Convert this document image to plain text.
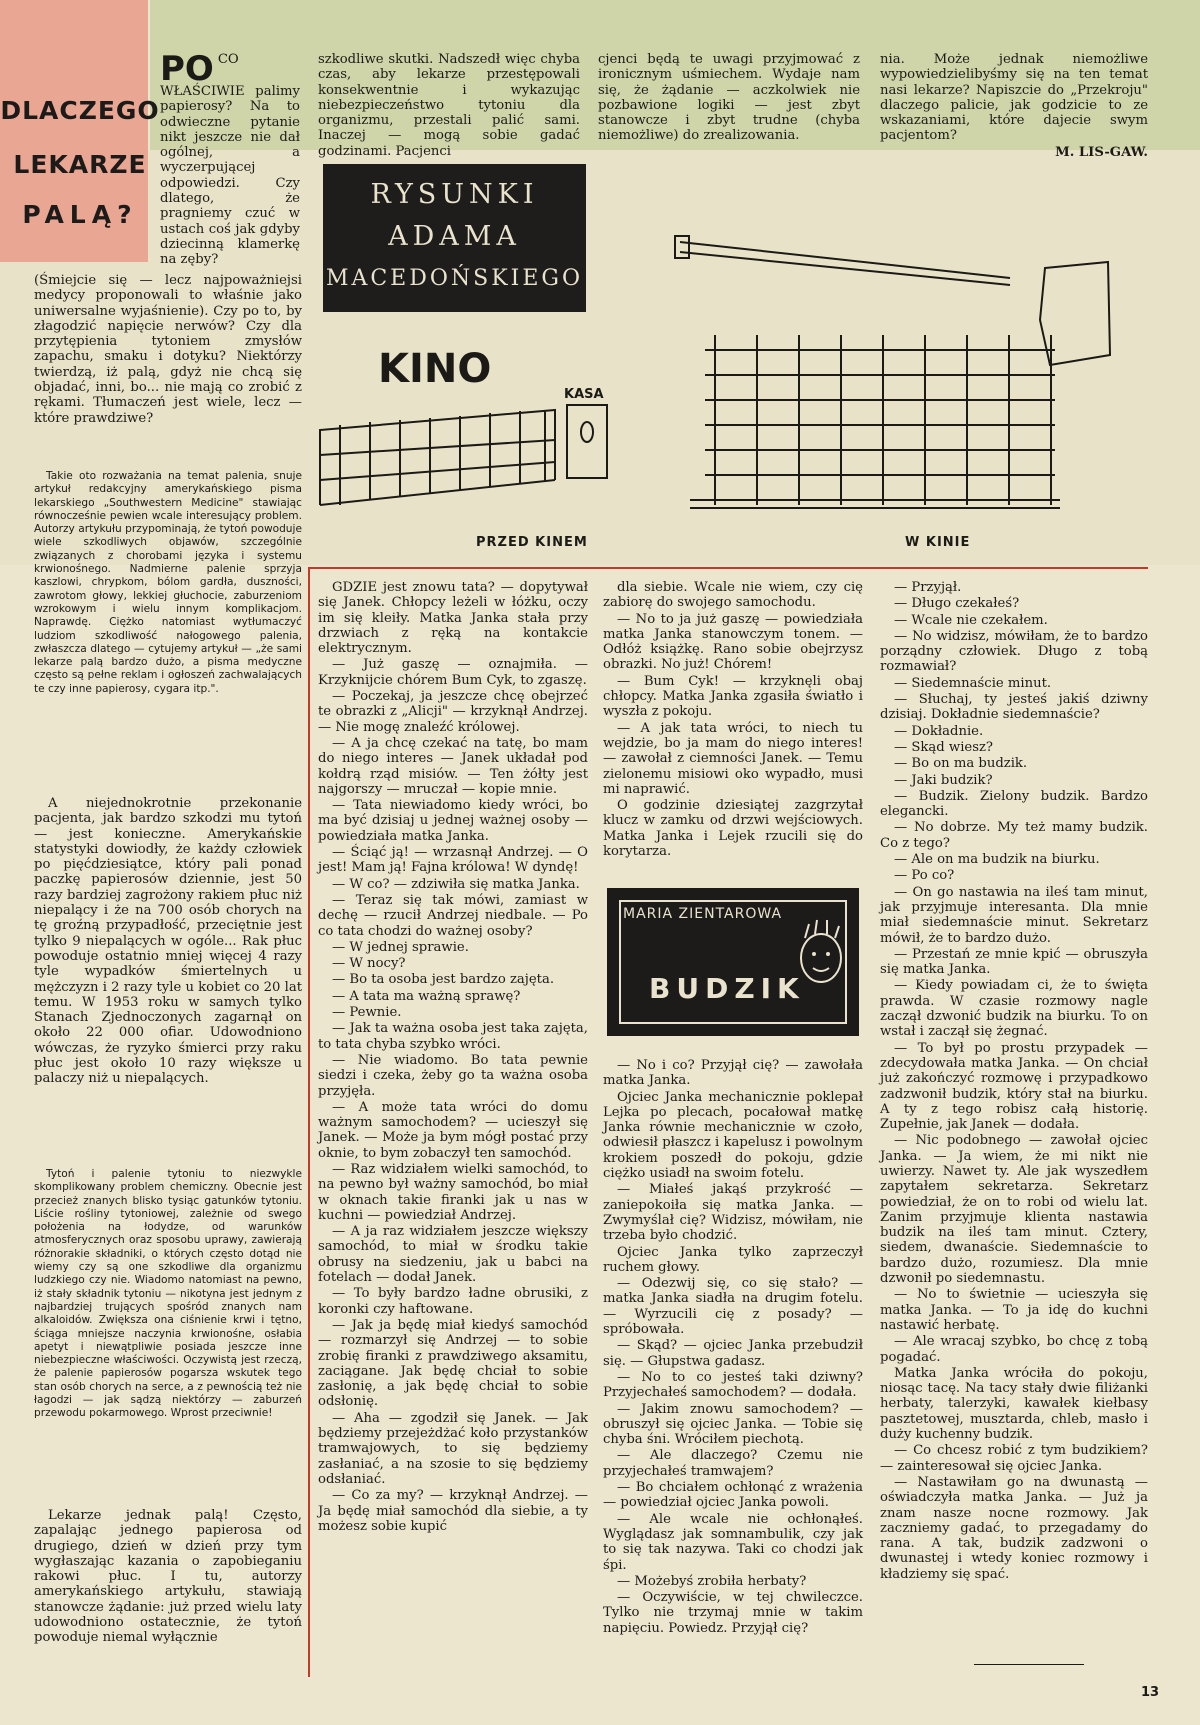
DLACZEGO
LEKARZE
PALĄ?
PO CO WŁAŚCIWIE palimy papierosy? Na to odwieczne pytanie nikt jeszcze nie dał ogólnej, a wyczerpującej odpowiedzi. Czy dlatego, że pragniemy czuć w ustach coś jak gdyby dziecinną klamerkę na zęby?

(Śmiejcie się — lecz najpoważniejsi medycy proponowali to właśnie jako uniwersalne wyjaśnienie). Czy po to, by złagodzić napięcie nerwów? Czy dla przytępienia tytoniem zmysłów zapachu, smaku i dotyku? Niektórzy twierdzą, iż palą, gdyż nie chcą się objadać, inni, bo... nie mają co zrobić z rękami. Tłumaczeń jest wiele, lecz — które prawdziwe?

Takie oto rozważania na temat palenia, snuje artykuł redakcyjny amerykańskiego pisma lekarskiego „Southwestern Medicine" stawiając równocześnie pewien wcale interesujący problem. Autorzy artykułu przypominają, że tytoń powoduje wiele szkodliwych objawów, szczególnie związanych z chorobami języka i systemu krwionośnego. Nadmierne palenie sprzyja kaszlowi, chrypkom, bólom gardła, duszności, zawrotom głowy, lekkiej głuchocie, zaburzeniom wzrokowym i wielu innym komplikacjom. Naprawdę. Ciężko natomiast wytłumaczyć ludziom szkodliwość nałogowego palenia, zwłaszcza dlatego — cytujemy artykuł — „że sami lekarze palą bardzo dużo, a pisma medyczne często są pełne reklam i ogłoszeń zachwalających te czy inne papierosy, cygara itp.".

A niejednokrotnie przekonanie pacjenta, jak bardzo szkodzi mu tytoń — jest konieczne. Amerykańskie statystyki dowiodły, że każdy człowiek po pięćdziesiątce, który pali ponad paczkę papierosów dziennie, jest 50 razy bardziej zagrożony rakiem płuc niż niepalący i że na 700 osób chorych na tę groźną przypadłość, przeciętnie jest tylko 9 niepalących w ogóle... Rak płuc powoduje ostatnio mniej więcej 4 razy tyle wypadków śmiertelnych u mężczyzn i 2 razy tyle u kobiet co 20 lat temu. W 1953 roku w samych tylko Stanach Zjednoczonych zagarnął on około 22 000 ofiar. Udowodniono wówczas, że ryzyko śmierci przy raku płuc jest około 10 razy większe u palaczy niż u niepalących.

Tytoń i palenie tytoniu to niezwykle skomplikowany problem chemiczny. Obecnie jest przecież znanych blisko tysiąc gatunków tytoniu. Liście rośliny tytoniowej, zależnie od swego położenia na łodydze, od warunków atmosferycznych oraz sposobu uprawy, zawierają różnorakie składniki, o których często dotąd nie wiemy czy są one szkodliwe dla organizmu ludzkiego czy nie. Wiadomo natomiast na pewno, iż stały składnik tytoniu — nikotyna jest jednym z najbardziej trujących spośród znanych nam alkaloidów. Zwiększa ona ciśnienie krwi i tętno, ściąga mniejsze naczynia krwionośne, osłabia apetyt i niewątpliwie posiada jeszcze inne niebezpieczne właściwości. Oczywistą jest rzeczą, że palenie papierosów pogarsza wskutek tego stan osób chorych na serce, a z pewnością też nie łagodzi — jak sądzą niektórzy — zaburzeń przewodu pokarmowego. Wprost przeciwnie!

Lekarze jednak palą! Często, zapalając jednego papierosa od drugiego, dzień w dzień przy tym wygłaszając kazania o zapobieganiu rakowi płuc. I tu, autorzy amerykańskiego artykułu, stawiają stanowcze żądanie: już przed wielu laty udowodniono ostatecznie, że tytoń powoduje niemal wyłącznie

szkodliwe skutki. Nadszedł więc chyba czas, aby lekarze przestępowali konsekwentnie i wykazując niebezpieczeństwo tytoniu dla organizmu, przestali palić sami. Inaczej — mogą sobie gadać godzinami. Pacjenci

cjenci będą te uwagi przyjmować z ironicznym uśmiechem. Wydaje nam się, że żądanie — aczkolwiek nie pozbawione logiki — jest zbyt stanowcze i zbyt trudne (chyba niemożliwe) do zrealizowania.

nia. Może jednak niemożliwe wypowiedzielibyśmy się na ten temat nasi lekarze? Napiszcie do „Przekroju" dlaczego palicie, jak godzicie to ze wskazaniami, które dajecie swym pacjentom?

M. LIS-GAW.

RYSUNKI
ADAMA
MACEDOŃSKIEGO
KINO
KASA
PRZED KINEM	W KINIE

GDZIE jest znowu tata? — dopytywał się Janek. Chłopcy leżeli w łóżku, oczy im się kleiły. Matka Janka stała przy drzwiach z ręką na kontakcie elektrycznym.

— Już gaszę — oznajmiła. — Krzyknijcie chórem Bum Cyk, to zgaszę.

— Poczekaj, ja jeszcze chcę obejrzeć te obrazki z „Alicji" — krzyknął Andrzej. — Nie mogę znaleźć królowej.

— A ja chcę czekać na tatę, bo mam do niego interes — Janek układał pod kołdrą rząd misiów. — Ten żółty jest najgorszy — mruczał — kopie mnie.

— Tata niewiadomo kiedy wróci, bo ma być dzisiaj u jednej ważnej osoby — powiedziała matka Janka.

— Ściąć ją! — wrzasnął Andrzej. — O jest! Mam ją! Fajna królowa! W dyndę!

— W co? — zdziwiła się matka Janka.

— Teraz się tak mówi, zamiast w dechę — rzucił Andrzej niedbale. — Po co tata chodzi do ważnej osoby?

— W jednej sprawie.

— W nocy?

— Bo ta osoba jest bardzo zajęta.

— A tata ma ważną sprawę?

— Pewnie.

— Jak ta ważna osoba jest taka zajęta, to tata chyba szybko wróci.

— Nie wiadomo. Bo tata pewnie siedzi i czeka, żeby go ta ważna osoba przyjęła.

— A może tata wróci do domu ważnym samochodem? — ucieszył się Janek. — Może ja bym mógł postać przy oknie, to bym zobaczył ten samochód.

— Raz widziałem wielki samochód, to na pewno był ważny samochód, bo miał w oknach takie firanki jak u nas w kuchni — powiedział Andrzej.

— A ja raz widziałem jeszcze większy samochód, to miał w środku takie obrusy na siedzeniu, jak u babci na fotelach — dodał Janek.

— To były bardzo ładne obrusiki, z koronki czy haftowane.

— Jak ja będę miał kiedyś samochód — rozmarzył się Andrzej — to sobie zrobię firanki z prawdziwego aksamitu, zaciągane. Jak będę chciał to sobie zasłonię, a jak będę chciał to sobie odsłonię.

— Aha — zgodził się Janek. — Jak będziemy przejeżdżać koło przystanków tramwajowych, to się będziemy zasłaniać, a na szosie to się będziemy odsłaniać.

— Co za my? — krzyknął Andrzej. — Ja będę miał samochód dla siebie, a ty możesz sobie kupić

dla siebie. Wcale nie wiem, czy cię zabiorę do swojego samochodu.

— No to ja już gaszę — powiedziała matka Janka stanowczym tonem. — Odłóż książkę. Rano sobie obejrzysz obrazki. No już! Chórem!

— Bum Cyk! — krzyknęli obaj chłopcy. Matka Janka zgasiła światło i wyszła z pokoju.

— A jak tata wróci, to niech tu wejdzie, bo ja mam do niego interes! — zawołał z ciemności Janek. — Temu zielonemu misiowi oko wypadło, musi mi naprawić.

O godzinie dziesiątej zazgrzytał klucz w zamku od drzwi wejściowych. Matka Janka i Lejek rzucili się do korytarza.

MARIA ZIENTAROWA
BUDZIK

— No i co? Przyjął cię? — zawołała matka Janka.

Ojciec Janka mechanicznie poklepał Lejka po plecach, pocałował matkę Janka równie mechanicznie w czoło, odwiesił płaszcz i kapelusz i powolnym krokiem poszedł do pokoju, gdzie ciężko usiadł na swoim fotelu.

— Miałeś jakąś przykrość — zaniepokoiła się matka Janka. — Zwymyślał cię? Widzisz, mówiłam, nie trzeba było chodzić.

Ojciec Janka tylko zaprzeczył ruchem głowy.

— Odezwij się, co się stało? — matka Janka siadła na drugim fotelu. — Wyrzucili cię z posady? — spróbowała.

— Skąd? — ojciec Janka przebudził się. — Głupstwa gadasz.

— No to co jesteś taki dziwny? Przyjechałeś samochodem? — dodała.

— Jakim znowu samochodem? — obruszył się ojciec Janka. — Tobie się chyba śni. Wróciłem piechotą.

— Ale dlaczego? Czemu nie przyjechałeś tramwajem?

— Bo chciałem ochłonąć z wrażenia — powiedział ojciec Janka powoli.

— Ale wcale nie ochłonąłeś. Wyglądasz jak somnambulik, czy jak to się tak nazywa. Taki co chodzi jak śpi.

— Możebyś zrobiła herbaty?

— Oczywiście, w tej chwileczce. Tylko nie trzymaj mnie w takim napięciu. Powiedz. Przyjął cię?

— Przyjął.

— Długo czekałeś?

— Wcale nie czekałem.

— No widzisz, mówiłam, że to bardzo porządny człowiek. Długo z tobą rozmawiał?

— Siedemnaście minut.

— Słuchaj, ty jesteś jakiś dziwny dzisiaj. Dokładnie siedemnaście?

— Dokładnie.

— Skąd wiesz?

— Bo on ma budzik.

— Jaki budzik?

— Budzik. Zielony budzik. Bardzo elegancki.

— No dobrze. My też mamy budzik. Co z tego?

— Ale on ma budzik na biurku.

— Po co?

— On go nastawia na ileś tam minut, jak przyjmuje interesanta. Dla mnie miał siedemnaście minut. Sekretarz mówił, że to bardzo dużo.

— Przestań ze mnie kpić — obruszyła się matka Janka.

— Kiedy powiadam ci, że to święta prawda. W czasie rozmowy nagle zaczął dzwonić budzik na biurku. To on wstał i zaczął się żegnać.

— To był po prostu przypadek — zdecydowała matka Janka. — On chciał już zakończyć rozmowę i przypadkowo zadzwonił budzik, który stał na biurku. A ty z tego robisz całą historię. Zupełnie, jak Janek — dodała.

— Nic podobnego — zawołał ojciec Janka. — Ja wiem, że mi nikt nie uwierzy. Nawet ty. Ale jak wyszedłem zapytałem sekretarza. Sekretarz powiedział, że on to robi od wielu lat. Zanim przyjmuje klienta nastawia budzik na ileś tam minut. Cztery, siedem, dwanaście. Siedemnaście to bardzo dużo, rozumiesz. Dla mnie dzwonił po siedemnastu.

— No to świetnie — ucieszyła się matka Janka. — To ja idę do kuchni nastawić herbatę.

— Ale wracaj szybko, bo chcę z tobą pogadać.

Matka Janka wróciła do pokoju, niosąc tacę. Na tacy stały dwie filiżanki herbaty, talerzyki, kawałek kiełbasy pasztetowej, musztarda, chleb, masło i duży kuchenny budzik.

— Co chcesz robić z tym budzikiem? — zainteresował się ojciec Janka.

— Nastawiłam go na dwunastą — oświadczyła matka Janka. — Już ja znam nasze nocne rozmowy. Jak zaczniemy gadać, to przegadamy do rana. A tak, budzik zadzwoni o dwunastej i wtedy koniec rozmowy i kładziemy się spać.

13
